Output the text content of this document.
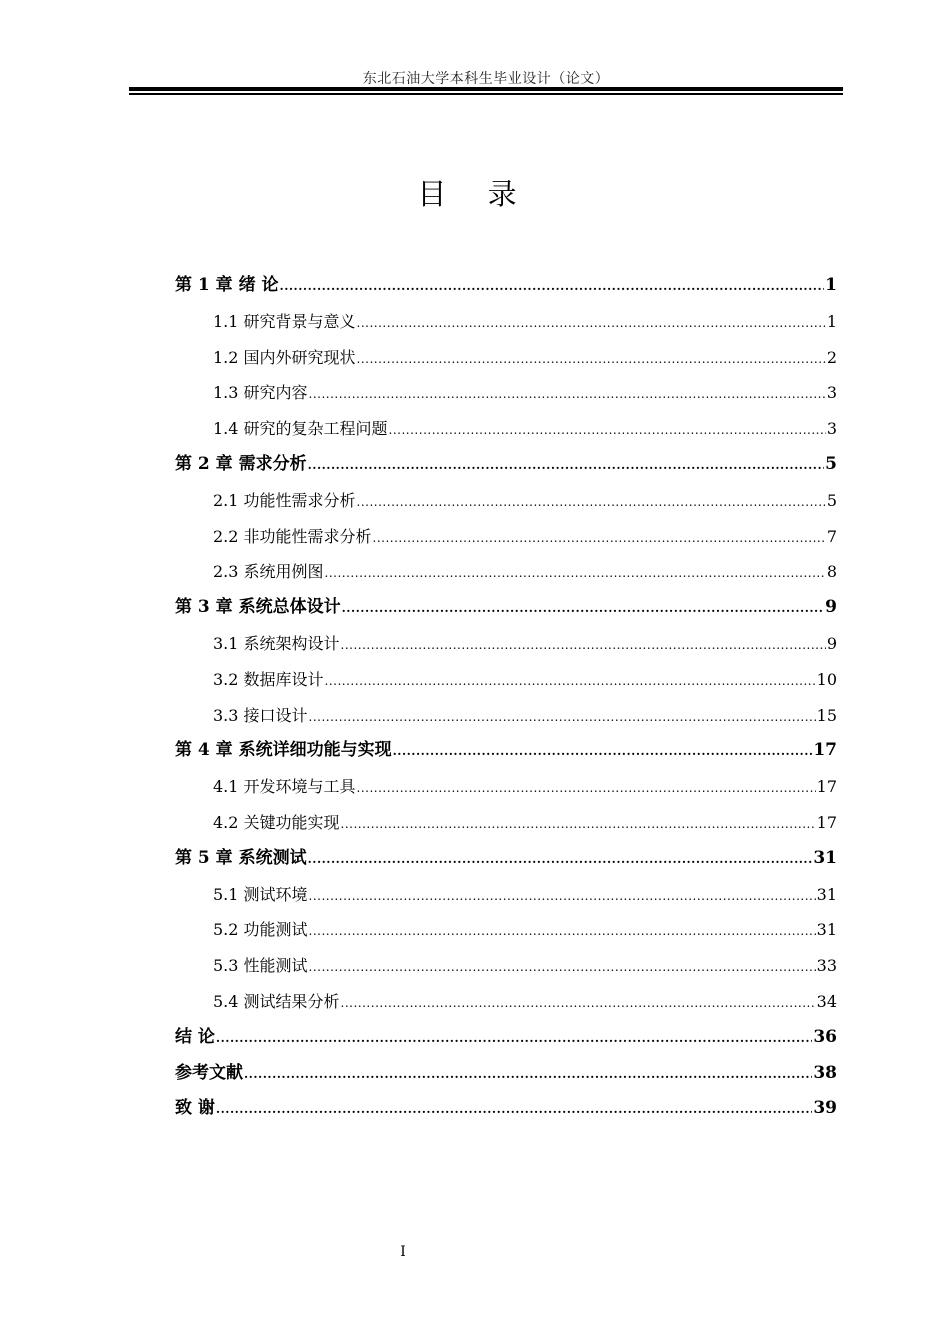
东北石油大学本科生毕业设计（论文）
目 录
第 1 章 绪 论 .....	1
1.1 研究背景与意义 .....	1
1.2 国内外研究现状 .....	2
1.3 研究内容 .....	3
1.4 研究的复杂工程问题 .....	3
第 2 章 需求分析 .....	5
2.1 功能性需求分析 .....	5
2.2 非功能性需求分析 .....	7
2.3 系统用例图 .....	8
第 3 章 系统总体设计 .....	9
3.1 系统架构设计 .....	9
3.2 数据库设计 .....	10
3.3 接口设计 .....	15
第 4 章 系统详细功能与实现 .....	17
4.1 开发环境与工具 .....	17
4.2 关键功能实现 .....	17
第 5 章 系统测试 .....	31
5.1 测试环境 .....	31
5.2 功能测试 .....	31
5.3 性能测试 .....	33
5.4 测试结果分析 .....	34
结 论 .....	36
参考文献 .....	38
致 谢 .....	39
I
